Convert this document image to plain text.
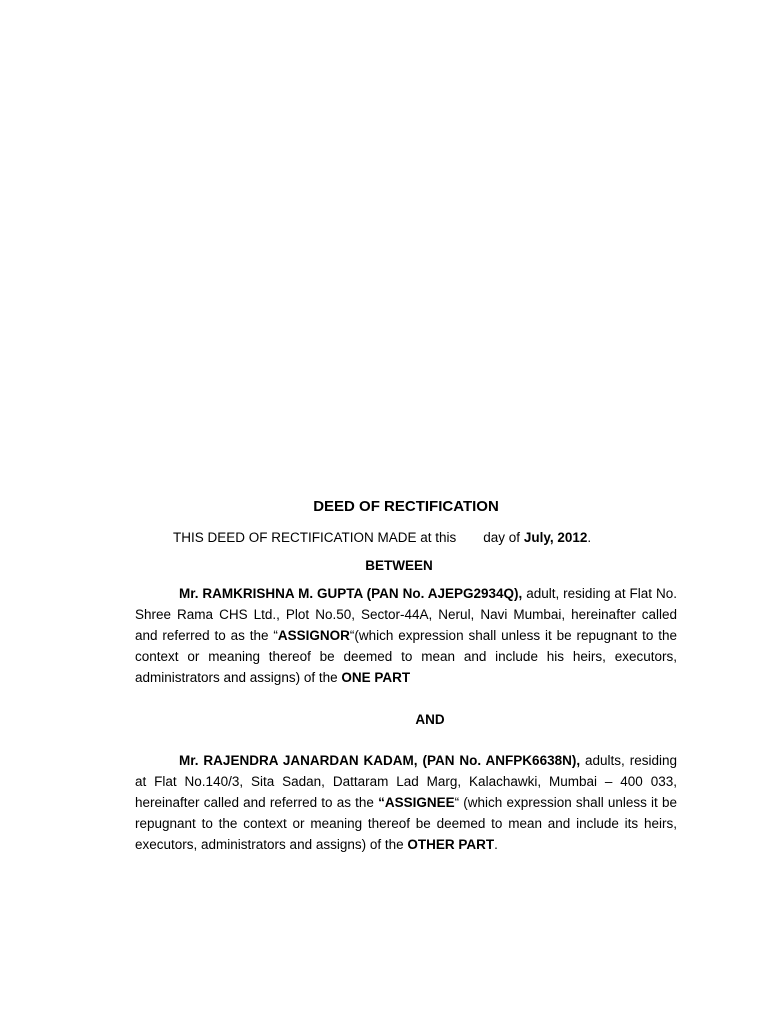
DEED OF RECTIFICATION
THIS DEED OF RECTIFICATION MADE at this day of July, 2012.
BETWEEN
Mr. RAMKRISHNA M. GUPTA (PAN No. AJEPG2934Q), adult, residing at Flat No. Shree Rama CHS Ltd., Plot No.50, Sector-44A, Nerul, Navi Mumbai, hereinafter called and referred to as the “ASSIGNOR“(which expression shall unless it be repugnant to the context or meaning thereof be deemed to mean and include his heirs, executors, administrators and assigns) of the ONE PART
AND
Mr. RAJENDRA JANARDAN KADAM, (PAN No. ANFPK6638N), adults, residing at Flat No.140/3, Sita Sadan, Dattaram Lad Marg, Kalachawki, Mumbai – 400 033, hereinafter called and referred to as the “ASSIGNEE“ (which expression shall unless it be repugnant to the context or meaning thereof be deemed to mean and include its heirs, executors, administrators and assigns) of the OTHER PART.
